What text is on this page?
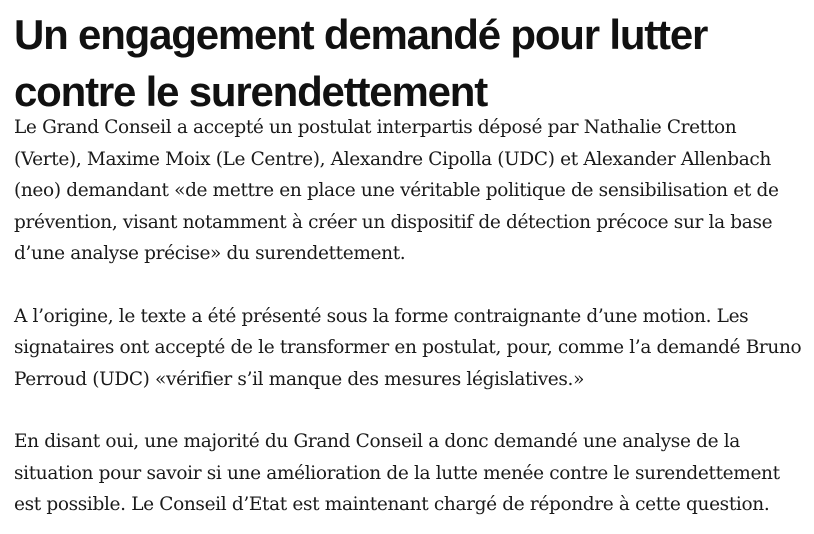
Un engagement demandé pour lutter contre le surendettement

Le Grand Conseil a accepté un postulat interpartis déposé par Nathalie Cretton (Verte), Maxime Moix (Le Centre), Alexandre Cipolla (UDC) et Alexander Allenbach (neo) demandant «de mettre en place une véritable politique de sensibilisation et de prévention, visant notamment à créer un dispositif de détection précoce sur la base d’une analyse précise» du surendettement.

A l’origine, le texte a été présenté sous la forme contraignante d’une motion. Les signataires ont accepté de le transformer en postulat, pour, comme l’a demandé Bruno Perroud (UDC) «vérifier s’il manque des mesures législatives.»

En disant oui, une majorité du Grand Conseil a donc demandé une analyse de la situation pour savoir si une amélioration de la lutte menée contre le surendettement est possible. Le Conseil d’Etat est maintenant chargé de répondre à cette question.
